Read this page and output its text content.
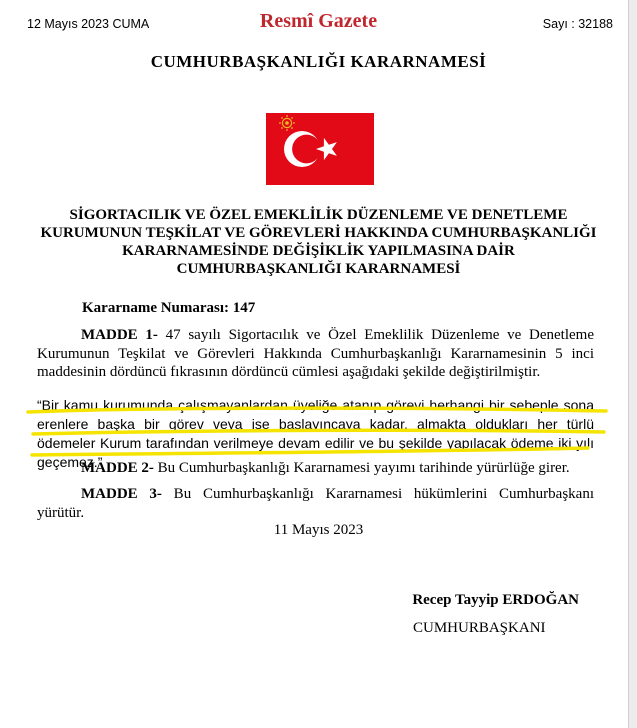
12 Mayıs 2023 CUMA	Resmî Gazete	Sayı : 32188
CUMHURBAŞKANLIĞI KARARNAMESİ
SİGORTACILIK VE ÖZEL EMEKLİLİK DÜZENLEME VE DENETLEME
KURUMUNUN TEŞKİLAT VE GÖREVLERİ HAKKINDA CUMHURBAŞKANLIĞI
KARARNAMESİNDE DEĞİŞİKLİK YAPILMASINA DAİR
CUMHURBAŞKANLIĞI KARARNAMESİ
Kararname Numarası: 147
MADDE 1- 47 sayılı Sigortacılık ve Özel Emeklilik Düzenleme ve Denetleme Kurumunun Teşkilat ve Görevleri Hakkında Cumhurbaşkanlığı Kararnamesinin 5 inci maddesinin dördüncü fıkrasının dördüncü cümlesi aşağıdaki şekilde değiştirilmiştir.
“Bir kamu kurumunda çalışmayanlardan üyeliğe atanıp görevi herhangi bir sebeple sona erenlere başka bir görev veya işe başlayıncaya kadar, almakta oldukları her türlü ödemeler Kurum tarafından verilmeye devam edilir ve bu şekilde yapılacak ödeme iki yılı geçemez.”
MADDE 2- Bu Cumhurbaşkanlığı Kararnamesi yayımı tarihinde yürürlüğe girer.
MADDE 3- Bu Cumhurbaşkanlığı Kararnamesi hükümlerini Cumhurbaşkanı yürütür.
11 Mayıs 2023
Recep Tayyip ERDOĞAN
CUMHURBAŞKANI
